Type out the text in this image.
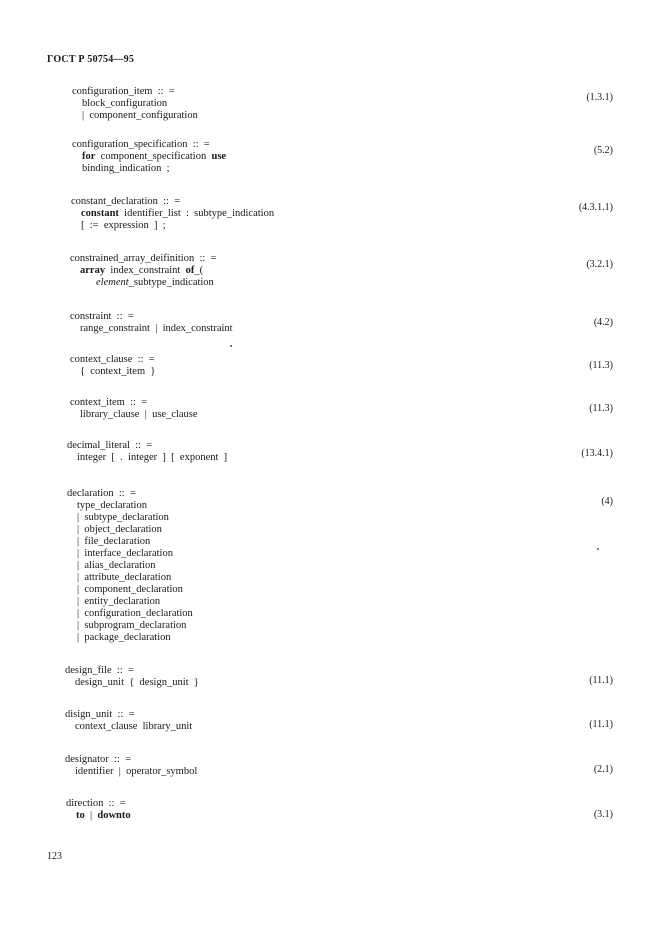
ГОСТ Р 50754—95
configuration_item  ::  =
block_configuration
|  component_configuration
(1.3.1)
configuration_specification  ::  =
for  component_specification  use
binding_indication  ;
(5.2)
constant_declaration  ::  =
constant  identifier_list  :  subtype_indication
[  :=  expression  ]  ;
(4.3.1.1)
constrained_array_deifinition  ::  =
array  index_constraint  of_(
element_subtype_indication
(3.2.1)
constraint  ::  =
range_constraint  |  index_constraint
(4.2)
context_clause  ::  =
{  context_item  }
(11.3)
context_item  ::  =
library_clause  |  use_clause
(11.3)
decimal_literal  ::  =
integer  [  .  integer  ]  [  exponent  ]	(13.4.1)
declaration  ::  =
type_declaration
|  subtype_declaration
|  object_declaration
|  file_declaration
|  interface_declaration
|  alias_declaration
|  attribute_declaration
|  component_declaration
|  entity_declaration
|  configuration_declaration
|  subprogram_declaration
|  package_declaration
(4)
design_file  ::  =
design_unit  {  design_unit  }	(11.1)
disign_unit  ::  =
context_clause  library_unit	(11.1)
designator  ::  =
identifier  |  operator_symbol	(2.1)
direction  ::  =
to  |  downto	(3.1)
123
